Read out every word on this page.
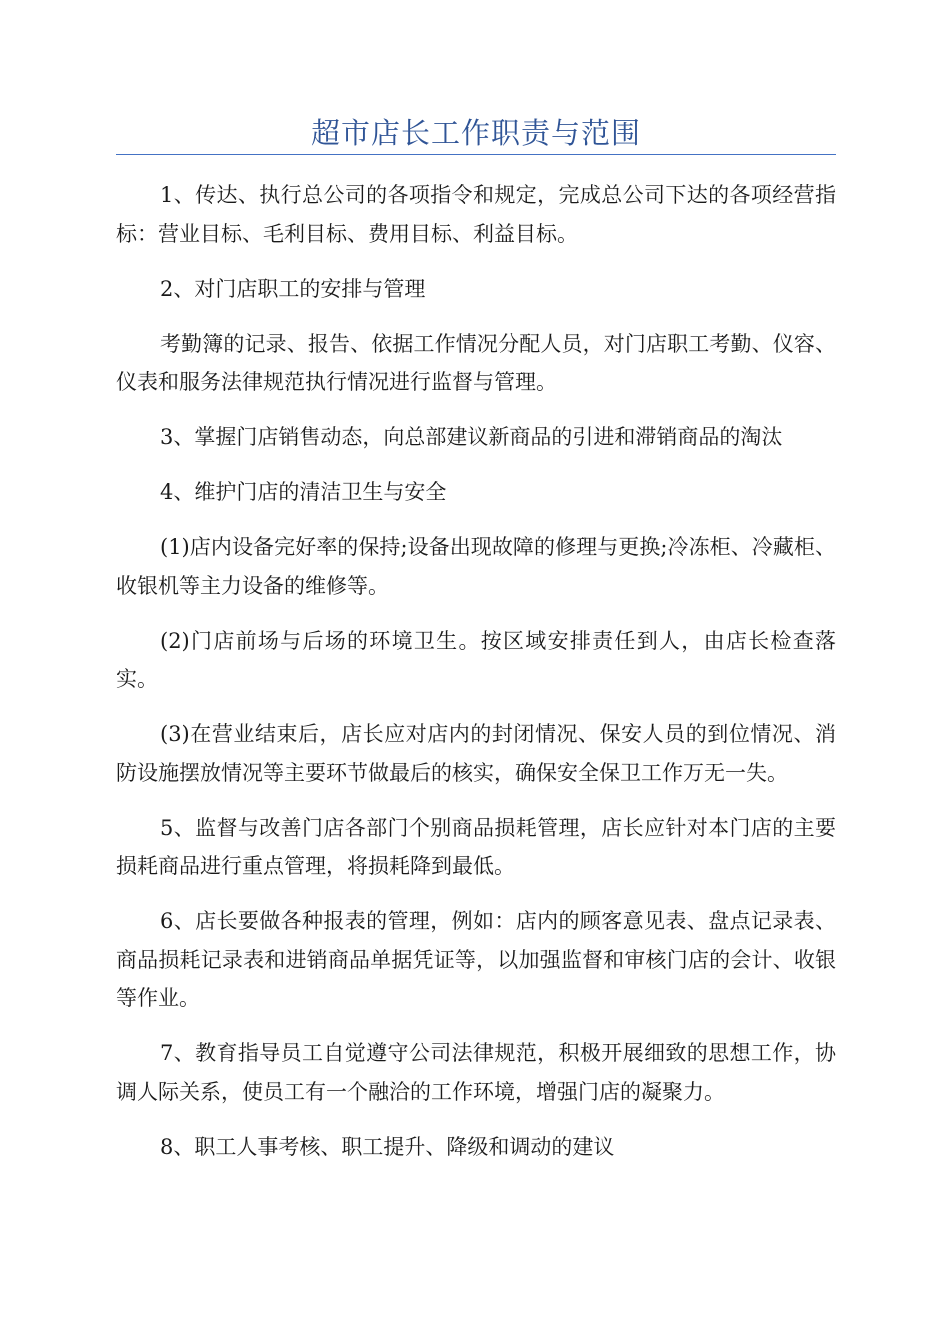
超市店长工作职责与范围

1、传达、执行总公司的各项指令和规定，完成总公司下达的各项经营指标：营业目标、毛利目标、费用目标、利益目标。

2、对门店职工的安排与管理

考勤簿的记录、报告、依据工作情况分配人员，对门店职工考勤、仪容、仪表和服务法律规范执行情况进行监督与管理。

3、掌握门店销售动态，向总部建议新商品的引进和滞销商品的淘汰

4、维护门店的清洁卫生与安全

(1)店内设备完好率的保持;设备出现故障的修理与更换;冷冻柜、冷藏柜、收银机等主力设备的维修等。

(2)门店前场与后场的环境卫生。按区域安排责任到人，由店长检查落实。

(3)在营业结束后，店长应对店内的封闭情况、保安人员的到位情况、消防设施摆放情况等主要环节做最后的核实，确保安全保卫工作万无一失。

5、监督与改善门店各部门个别商品损耗管理，店长应针对本门店的主要损耗商品进行重点管理，将损耗降到最低。

6、店长要做各种报表的管理，例如：店内的顾客意见表、盘点记录表、商品损耗记录表和进销商品单据凭证等，以加强监督和审核门店的会计、收银等作业。

7、教育指导员工自觉遵守公司法律规范，积极开展细致的思想工作，协调人际关系，使员工有一个融洽的工作环境，增强门店的凝聚力。

8、职工人事考核、职工提升、降级和调动的建议
